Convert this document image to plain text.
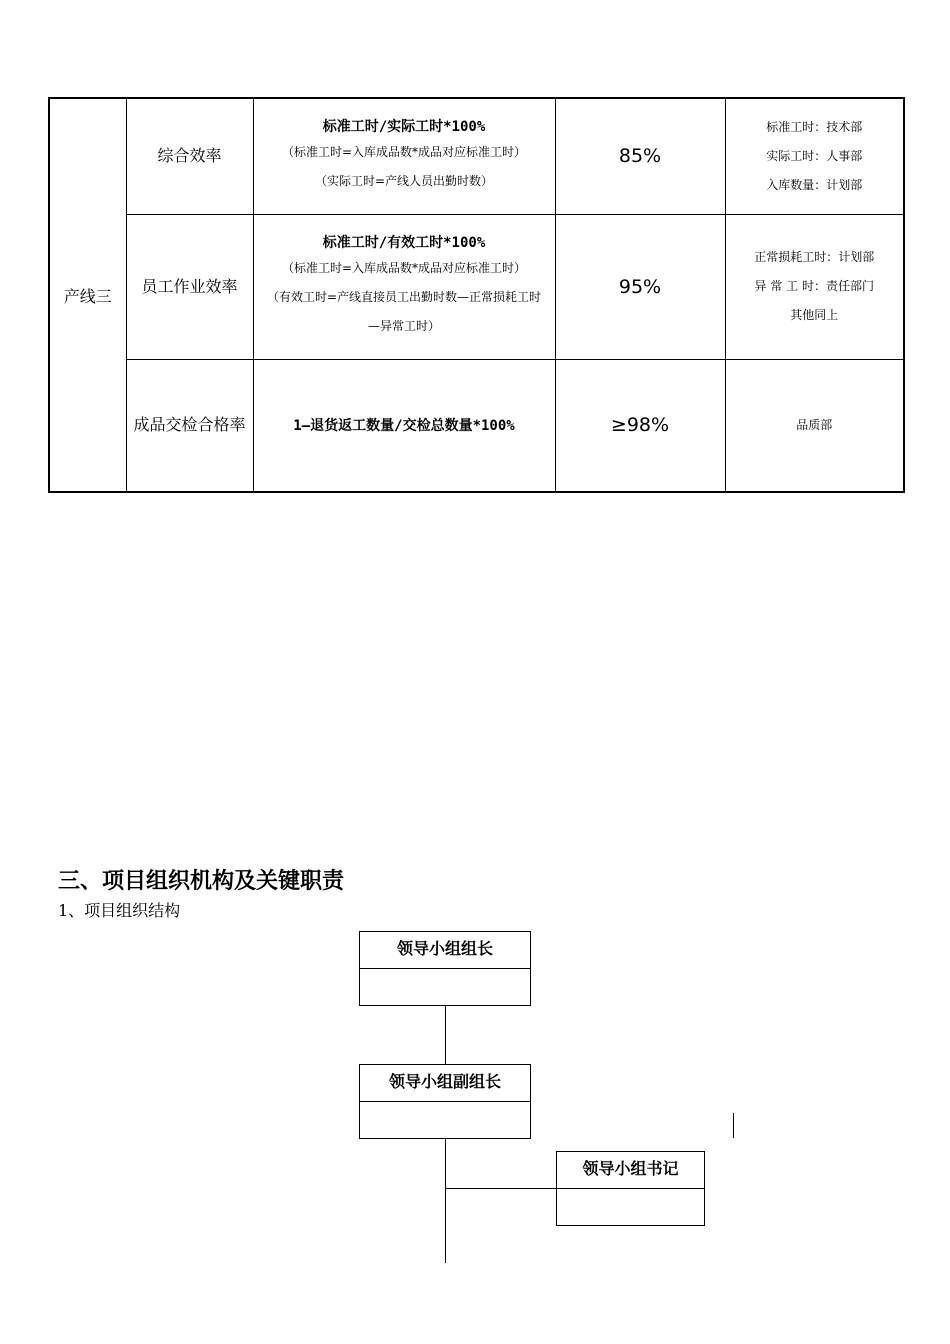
产线三	综合效率	标准工时/实际工时*100%
（标准工时=入库成品数*成品对应标准工时）
（实际工时=产线人员出勤时数）	85%	标准工时：技术部
实际工时：人事部
入库数量：计划部

	员工作业效率	标准工时/有效工时*100%
（标准工时=入库成品数*成品对应标准工时）
（有效工时=产线直接员工出勤时数—正常损耗工时—异常工时）	95%	正常损耗工时：计划部
异 常 工 时：责任部门
其他同上

	成品交检合格率	1—退货返工数量/交检总数量*100%	≥98%	品质部
三、项目组织机构及关键职责

1、项目组织结构

领导小组组长
领导小组副组长
领导小组书记
